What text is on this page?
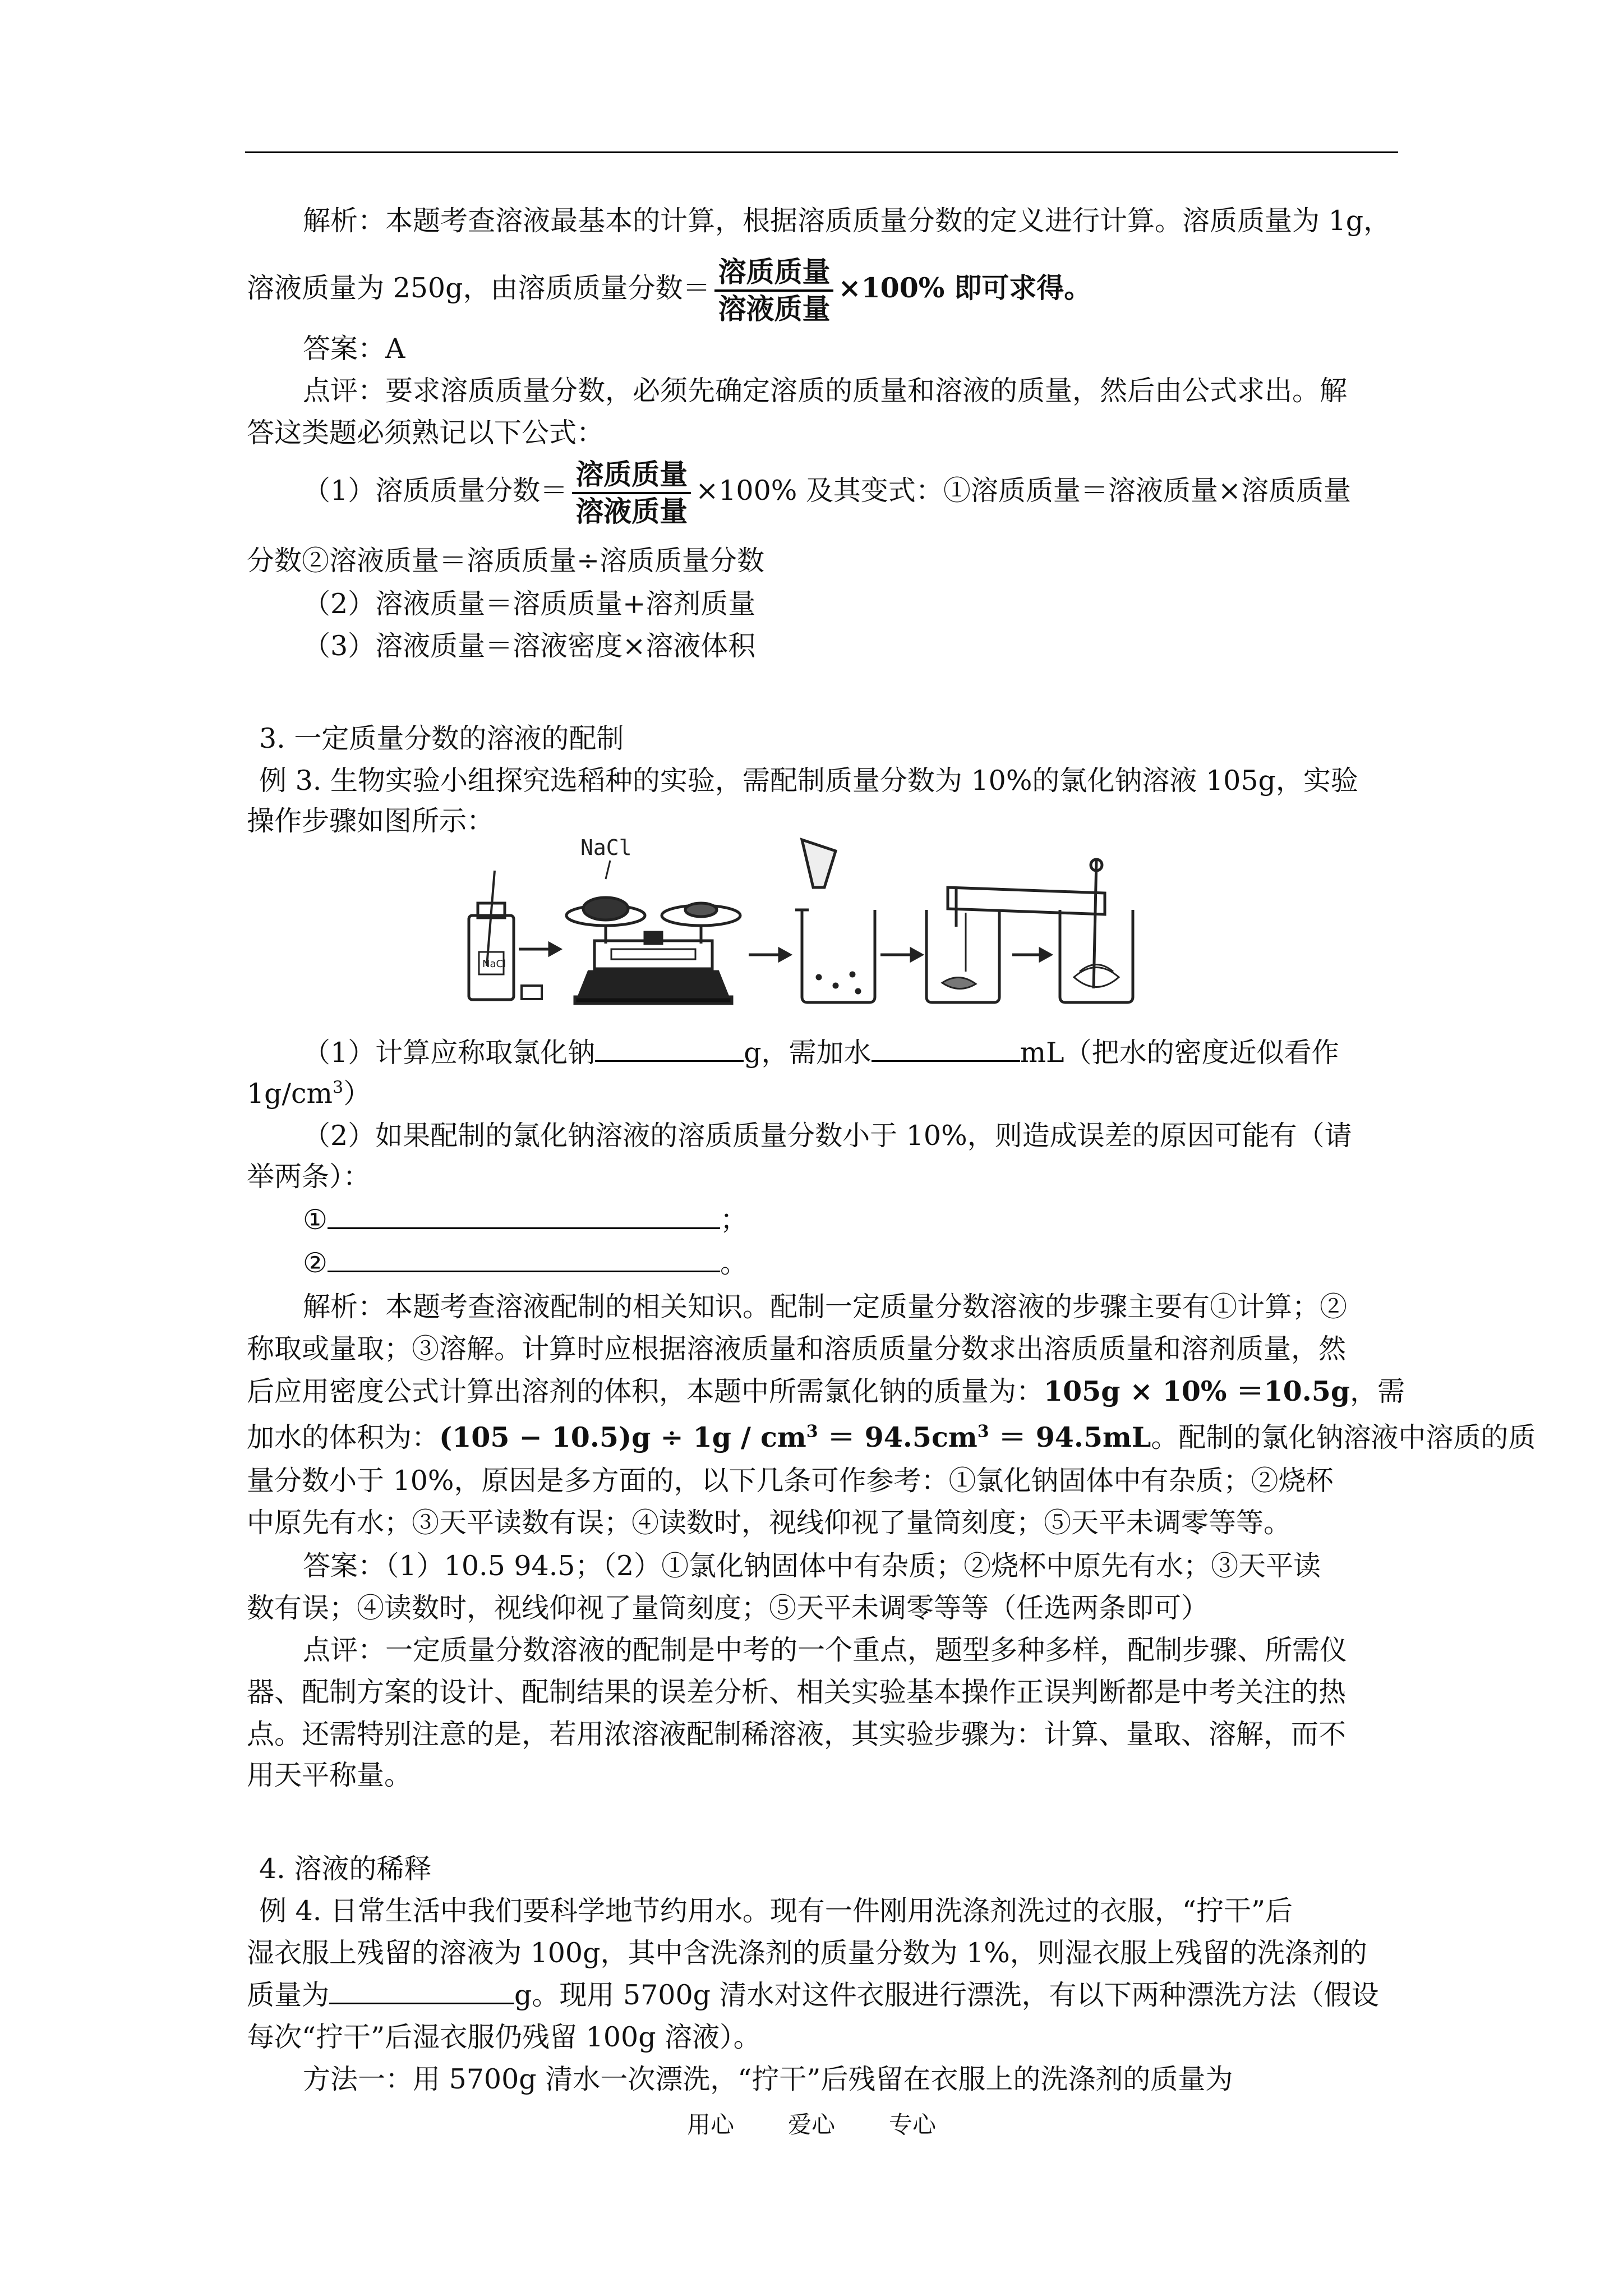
解析：本题考查溶液最基本的计算，根据溶质质量分数的定义进行计算。溶质质量为 1g，
溶液质量为 250g，由溶质质量分数＝ $\frac{\text{溶质质量}}{\text{溶液质量}} \times 100\%$ 即可求得。
答案：A
点评：要求溶质质量分数，必须先确定溶质的质量和溶液的质量，然后由公式求出。解
答这类题必须熟记以下公式：
（1）溶质质量分数＝ $\frac{\text{溶质质量}}{\text{溶液质量}} \times 100\%$ 及其变式：①溶质质量＝溶液质量×溶质质量
分数②溶液质量＝溶质质量÷溶质质量分数
（2）溶液质量＝溶质质量+溶剂质量
（3）溶液质量＝溶液密度×溶液体积
3. 一定质量分数的溶液的配制
例 3. 生物实验小组探究选稻种的实验，需配制质量分数为 10%的氯化钠溶液 105g，实验
操作步骤如图所示：
NaCl
NaCl
（1）计算应称取氯化钠	g，需加水	mL（把水的密度近似看作
$1g/cm^3$）
（2）如果配制的氯化钠溶液的溶质质量分数小于 10%，则造成误差的原因可能有（请
举两条）：
①	；
②	。
解析：本题考查溶液配制的相关知识。配制一定质量分数溶液的步骤主要有①计算；②
称取或量取；③溶解。计算时应根据溶液质量和溶质质量分数求出溶质质量和溶剂质量，然
后应用密度公式计算出溶剂的体积，本题中所需氯化钠的质量为：105g × 10% ＝10.5g，需
加水的体积为：$(105 - 10.5)g \div 1g / cm^3 = 94.5cm^3 = 94.5mL$。配制的氯化钠溶液中溶质的质
量分数小于 10%，原因是多方面的，以下几条可作参考：①氯化钠固体中有杂质；②烧杯
中原先有水；③天平读数有误；④读数时，视线仰视了量筒刻度；⑤天平未调零等等。
答案：（1）10.5 94.5；（2）①氯化钠固体中有杂质；②烧杯中原先有水；③天平读
数有误；④读数时，视线仰视了量筒刻度；⑤天平未调零等等（任选两条即可）
点评：一定质量分数溶液的配制是中考的一个重点，题型多种多样，配制步骤、所需仪
器、配制方案的设计、配制结果的误差分析、相关实验基本操作正误判断都是中考关注的热
点。还需特别注意的是，若用浓溶液配制稀溶液，其实验步骤为：计算、量取、溶解，而不
用天平称量。
4. 溶液的稀释
例 4. 日常生活中我们要科学地节约用水。现有一件刚用洗涤剂洗过的衣服，“拧干”后
湿衣服上残留的溶液为 100g，其中含洗涤剂的质量分数为 1%，则湿衣服上残留的洗涤剂的
质量为	g。现用 5700g 清水对这件衣服进行漂洗，有以下两种漂洗方法（假设
每次“拧干”后湿衣服仍残留 100g 溶液）。
方法一：用 5700g 清水一次漂洗，“拧干”后残留在衣服上的洗涤剂的质量为
用心 爱心 专心
